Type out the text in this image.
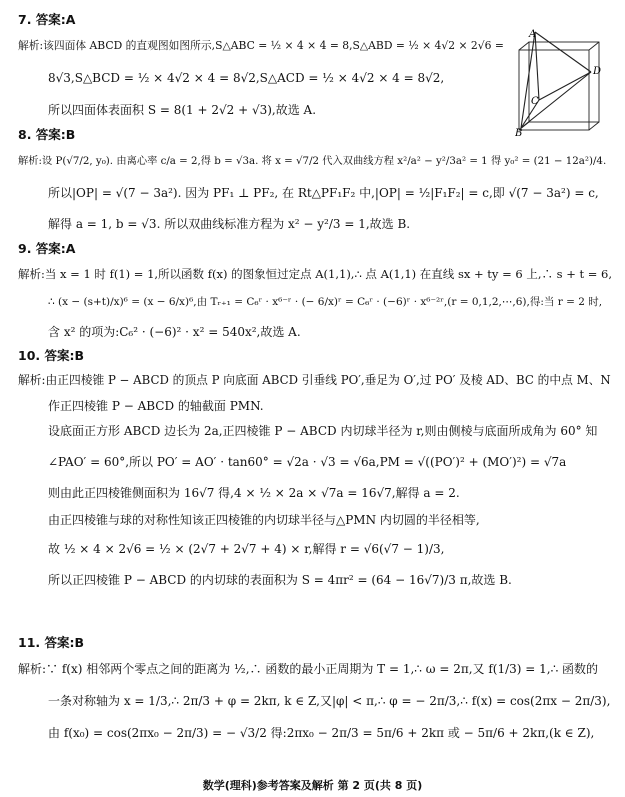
7. 答案:A
解析:该四面体 ABCD 的直观图如图所示,S△ABC = ½ × 4 × 4 = 8,S△ABD = ½ × 4√2 × 2√6 =
8√3,S△BCD = ½ × 4√2 × 4 = 8√2,S△ACD = ½ × 4√2 × 4 = 8√2,
所以四面体表面积 S = 8(1 + 2√2 + √3),故选 A.
8. 答案:B
解析:设 P(√7/2, y₀). 由离心率 c/a = 2,得 b = √3a. 将 x = √7/2 代入双曲线方程 x²/a² − y²/3a² = 1 得 y₀² = (21 − 12a²)/4.
所以|OP| = √(7 − 3a²). 因为 PF₁ ⊥ PF₂, 在 Rt△PF₁F₂ 中,|OP| = ½|F₁F₂| = c,即 √(7 − 3a²) = c,
解得 a = 1, b = √3. 所以双曲线标准方程为 x² − y²/3 = 1,故选 B.
9. 答案:A
解析:当 x = 1 时 f(1) = 1,所以函数 f(x) 的图象恒过定点 A(1,1),∴ 点 A(1,1) 在直线 sx + ty = 6 上,∴ s + t = 6,
∴ (x − (s+t)/x)⁶ = (x − 6/x)⁶,由 Tᵣ₊₁ = C₆ʳ · x⁶⁻ʳ · (− 6/x)ʳ = C₆ʳ · (−6)ʳ · x⁶⁻²ʳ,(r = 0,1,2,⋯,6),得:当 r = 2 时,
含 x² 的项为:C₆² · (−6)² · x² = 540x²,故选 A.
10. 答案:B
解析:由正四棱锥 P − ABCD 的顶点 P 向底面 ABCD 引垂线 PO′,垂足为 O′,过 PO′ 及棱 AD、BC 的中点 M、N
作正四棱锥 P − ABCD 的轴截面 PMN.
设底面正方形 ABCD 边长为 2a,正四棱锥 P − ABCD 内切球半径为 r,则由侧棱与底面所成角为 60° 知
∠PAO′ = 60°,所以 PO′ = AO′ · tan60° = √2a · √3 = √6a,PM = √((PO′)² + (MO′)²) = √7a
则由此正四棱锥侧面积为 16√7 得,4 × ½ × 2a × √7a = 16√7,解得 a = 2.
由正四棱锥与球的对称性知该正四棱锥的内切球半径与△PMN 内切圆的半径相等,
故 ½ × 4 × 2√6 = ½ × (2√7 + 2√7 + 4) × r,解得 r = √6(√7 − 1)/3,
所以正四棱锥 P − ABCD 的内切球的表面积为 S = 4πr² = (64 − 16√7)/3 π,故选 B.
11. 答案:B
解析:∵ f(x) 相邻两个零点之间的距离为 ½,∴ 函数的最小正周期为 T = 1,∴ ω = 2π,又 f(1/3) = 1,∴ 函数的
一条对称轴为 x = 1/3,∴ 2π/3 + φ = 2kπ, k ∈ Z,又|φ| < π,∴ φ = − 2π/3,∴ f(x) = cos(2πx − 2π/3),
由 f(x₀) = cos(2πx₀ − 2π/3) = − √3/2 得:2πx₀ − 2π/3 = 5π/6 + 2kπ 或 − 5π/6 + 2kπ,(k ∈ Z),
A
B
C
D
数学(理科)参考答案及解析 第 2 页(共 8 页)
